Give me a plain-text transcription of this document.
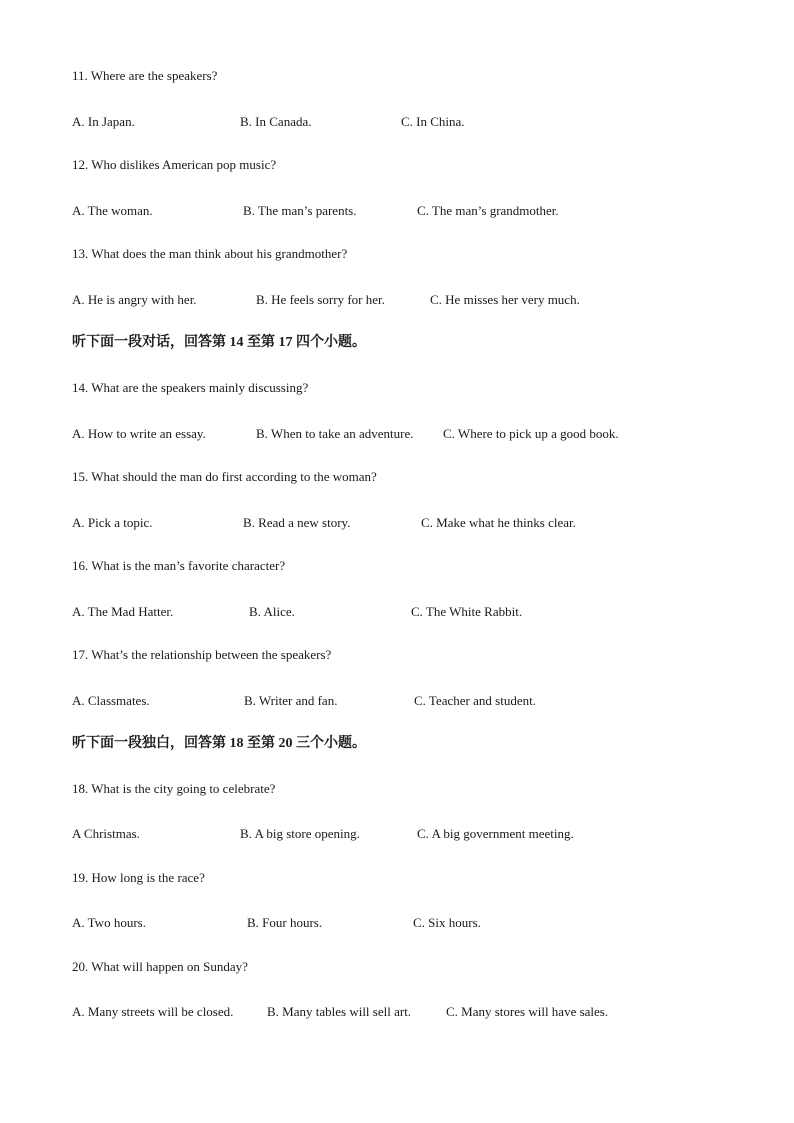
11. Where are the speakers?
A. In Japan.	B. In Canada.	C. In China.
12. Who dislikes American pop music?
A. The woman.	B. The man’s parents.	C. The man’s grandmother.
13. What does the man think about his grandmother?
A. He is angry with her.	B. He feels sorry for her.	C. He misses her very much.
听下面一段对话，回答第 14 至第 17 四个小题。
14. What are the speakers mainly discussing?
A. How to write an essay.	B. When to take an adventure. C. Where to pick up a good book.
15. What should the man do first according to the woman?
A. Pick a topic.	B. Read a new story.	C. Make what he thinks clear.
16. What is the man’s favorite character?
A. The Mad Hatter.	B. Alice.	C. The White Rabbit.
17. What’s the relationship between the speakers?
A. Classmates.	B. Writer and fan.	C. Teacher and student.
听下面一段独白，回答第 18 至第 20 三个小题。
18. What is the city going to celebrate?
A Christmas.	B. A big store opening.	C. A big government meeting.
19. How long is the race?
A. Two hours.	B. Four hours.	C. Six hours.
20. What will happen on Sunday?
A. Many streets will be closed.	B. Many tables will sell art.	C. Many stores will have sales.
